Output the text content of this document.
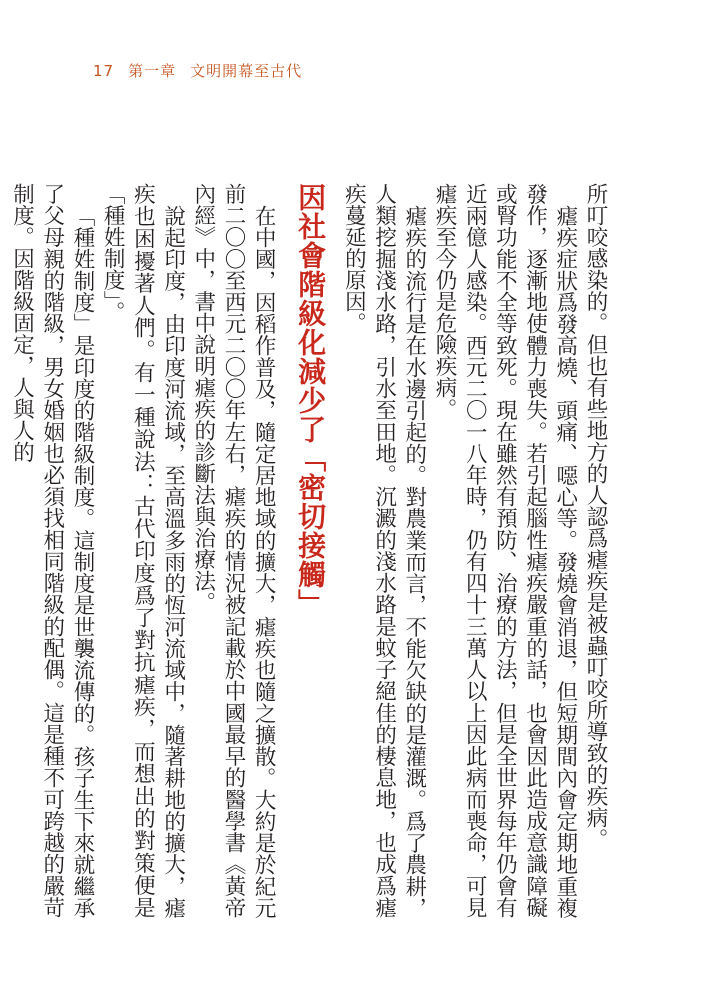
17 第一章 文明開幕至古代

所叮咬感染的。但也有些地方的人認爲瘧疾是被蟲叮咬所導致的疾病。

瘧疾症狀爲發高燒、頭痛、噁心等。發燒會消退，但短期間內會定期地重複發作，逐漸地使體力喪失。若引起腦性瘧疾嚴重的話，也會因此造成意識障礙或腎功能不全等致死。現在雖然有預防、治療的方法，但是全世界每年仍會有近兩億人感染。西元二〇一八年時，仍有四十三萬人以上因此病而喪命，可見瘧疾至今仍是危險疾病。

瘧疾的流行是在水邊引起的。對農業而言，不能欠缺的是灌溉。爲了農耕，人類挖掘淺水路，引水至田地。沉澱的淺水路是蚊子絕佳的棲息地，也成爲瘧疾蔓延的原因。

因社會階級化減少了「密切接觸」

在中國，因稻作普及，隨定居地域的擴大，瘧疾也隨之擴散。大約是於紀元前二〇〇至西元二〇〇年左右，瘧疾的情況被記載於中國最早的醫學書《黃帝內經》中，書中說明瘧疾的診斷法與治療法。

說起印度，由印度河流域，至高溫多雨的恆河流域中，隨著耕地的擴大，瘧疾也困擾著人們。有一種說法：古代印度爲了對抗瘧疾，而想出的對策便是「種姓制度」。

「種姓制度」是印度的階級制度。這制度是世襲流傳的。孩子生下來就繼承了父母親的階級，男女婚姻也必須找相同階級的配偶。這是種不可跨越的嚴苛制度。因階級固定，人與人的
